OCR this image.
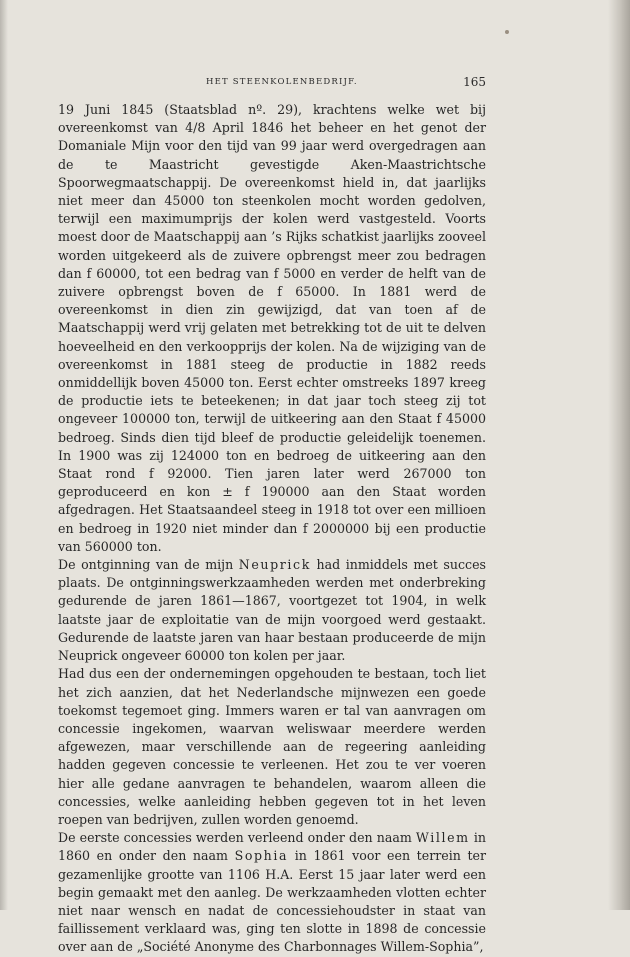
HET STEENKOLENBEDRIJF.	165

19 Juni 1845 (Staatsblad nº. 29), krachtens welke wet bij overeenkomst van 4/8 April 1846 het beheer en het genot der Domaniale Mijn voor den tijd van 99 jaar werd overgedragen aan de te Maastricht gevestigde Aken-Maastrichtsche Spoorwegmaatschappij. De overeenkomst hield in, dat jaarlijks niet meer dan 45000 ton steenkolen mocht worden gedolven, terwijl een maximumprijs der kolen werd vastgesteld. Voorts moest door de Maatschappij aan ’s Rijks schatkist jaarlijks zooveel worden uitgekeerd als de zuivere opbrengst meer zou bedragen dan f 60000, tot een bedrag van f 5000 en verder de helft van de zuivere opbrengst boven de f 65000. In 1881 werd de overeenkomst in dien zin gewijzigd, dat van toen af de Maatschappij werd vrij gelaten met betrekking tot de uit te delven hoeveelheid en den verkoopprijs der kolen. Na de wijziging van de overeenkomst in 1881 steeg de productie in 1882 reeds onmiddellijk boven 45000 ton. Eerst echter omstreeks 1897 kreeg de productie iets te beteekenen; in dat jaar toch steeg zij tot ongeveer 100000 ton, terwijl de uitkeering aan den Staat f 45000 bedroeg. Sinds dien tijd bleef de productie geleidelijk toenemen. In 1900 was zij 124000 ton en bedroeg de uitkeering aan den Staat rond f 92000. Tien jaren later werd 267000 ton geproduceerd en kon ± f 190000 aan den Staat worden afgedragen. Het Staatsaandeel steeg in 1918 tot over een millioen en bedroeg in 1920 niet minder dan f 2000000 bij een productie van 560000 ton.

De ontginning van de mijn Neuprick had inmiddels met succes plaats. De ontginningswerkzaamheden werden met onderbreking gedurende de jaren 1861—1867, voortgezet tot 1904, in welk laatste jaar de exploitatie van de mijn voorgoed werd gestaakt. Gedurende de laatste jaren van haar bestaan produceerde de mijn Neuprick ongeveer 60000 ton kolen per jaar.

Had dus een der ondernemingen opgehouden te bestaan, toch liet het zich aanzien, dat het Nederlandsche mijnwezen een goede toekomst tegemoet ging. Immers waren er tal van aanvragen om concessie ingekomen, waarvan weliswaar meerdere werden afgewezen, maar verschillende aan de regeering aanleiding hadden gegeven concessie te verleenen. Het zou te ver voeren hier alle gedane aanvragen te behandelen, waarom alleen die concessies, welke aanleiding hebben gegeven tot in het leven roepen van bedrijven, zullen worden genoemd.

De eerste concessies werden verleend onder den naam Willem in 1860 en onder den naam Sophia in 1861 voor een terrein ter gezamenlijke grootte van 1106 H.A. Eerst 15 jaar later werd een begin gemaakt met den aanleg. De werkzaamheden vlotten echter niet naar wensch en nadat de concessiehoudster in staat van faillissement verklaard was, ging ten slotte in 1898 de concessie over aan de „Société Anonyme des Charbonnages Willem-Sophia”,
